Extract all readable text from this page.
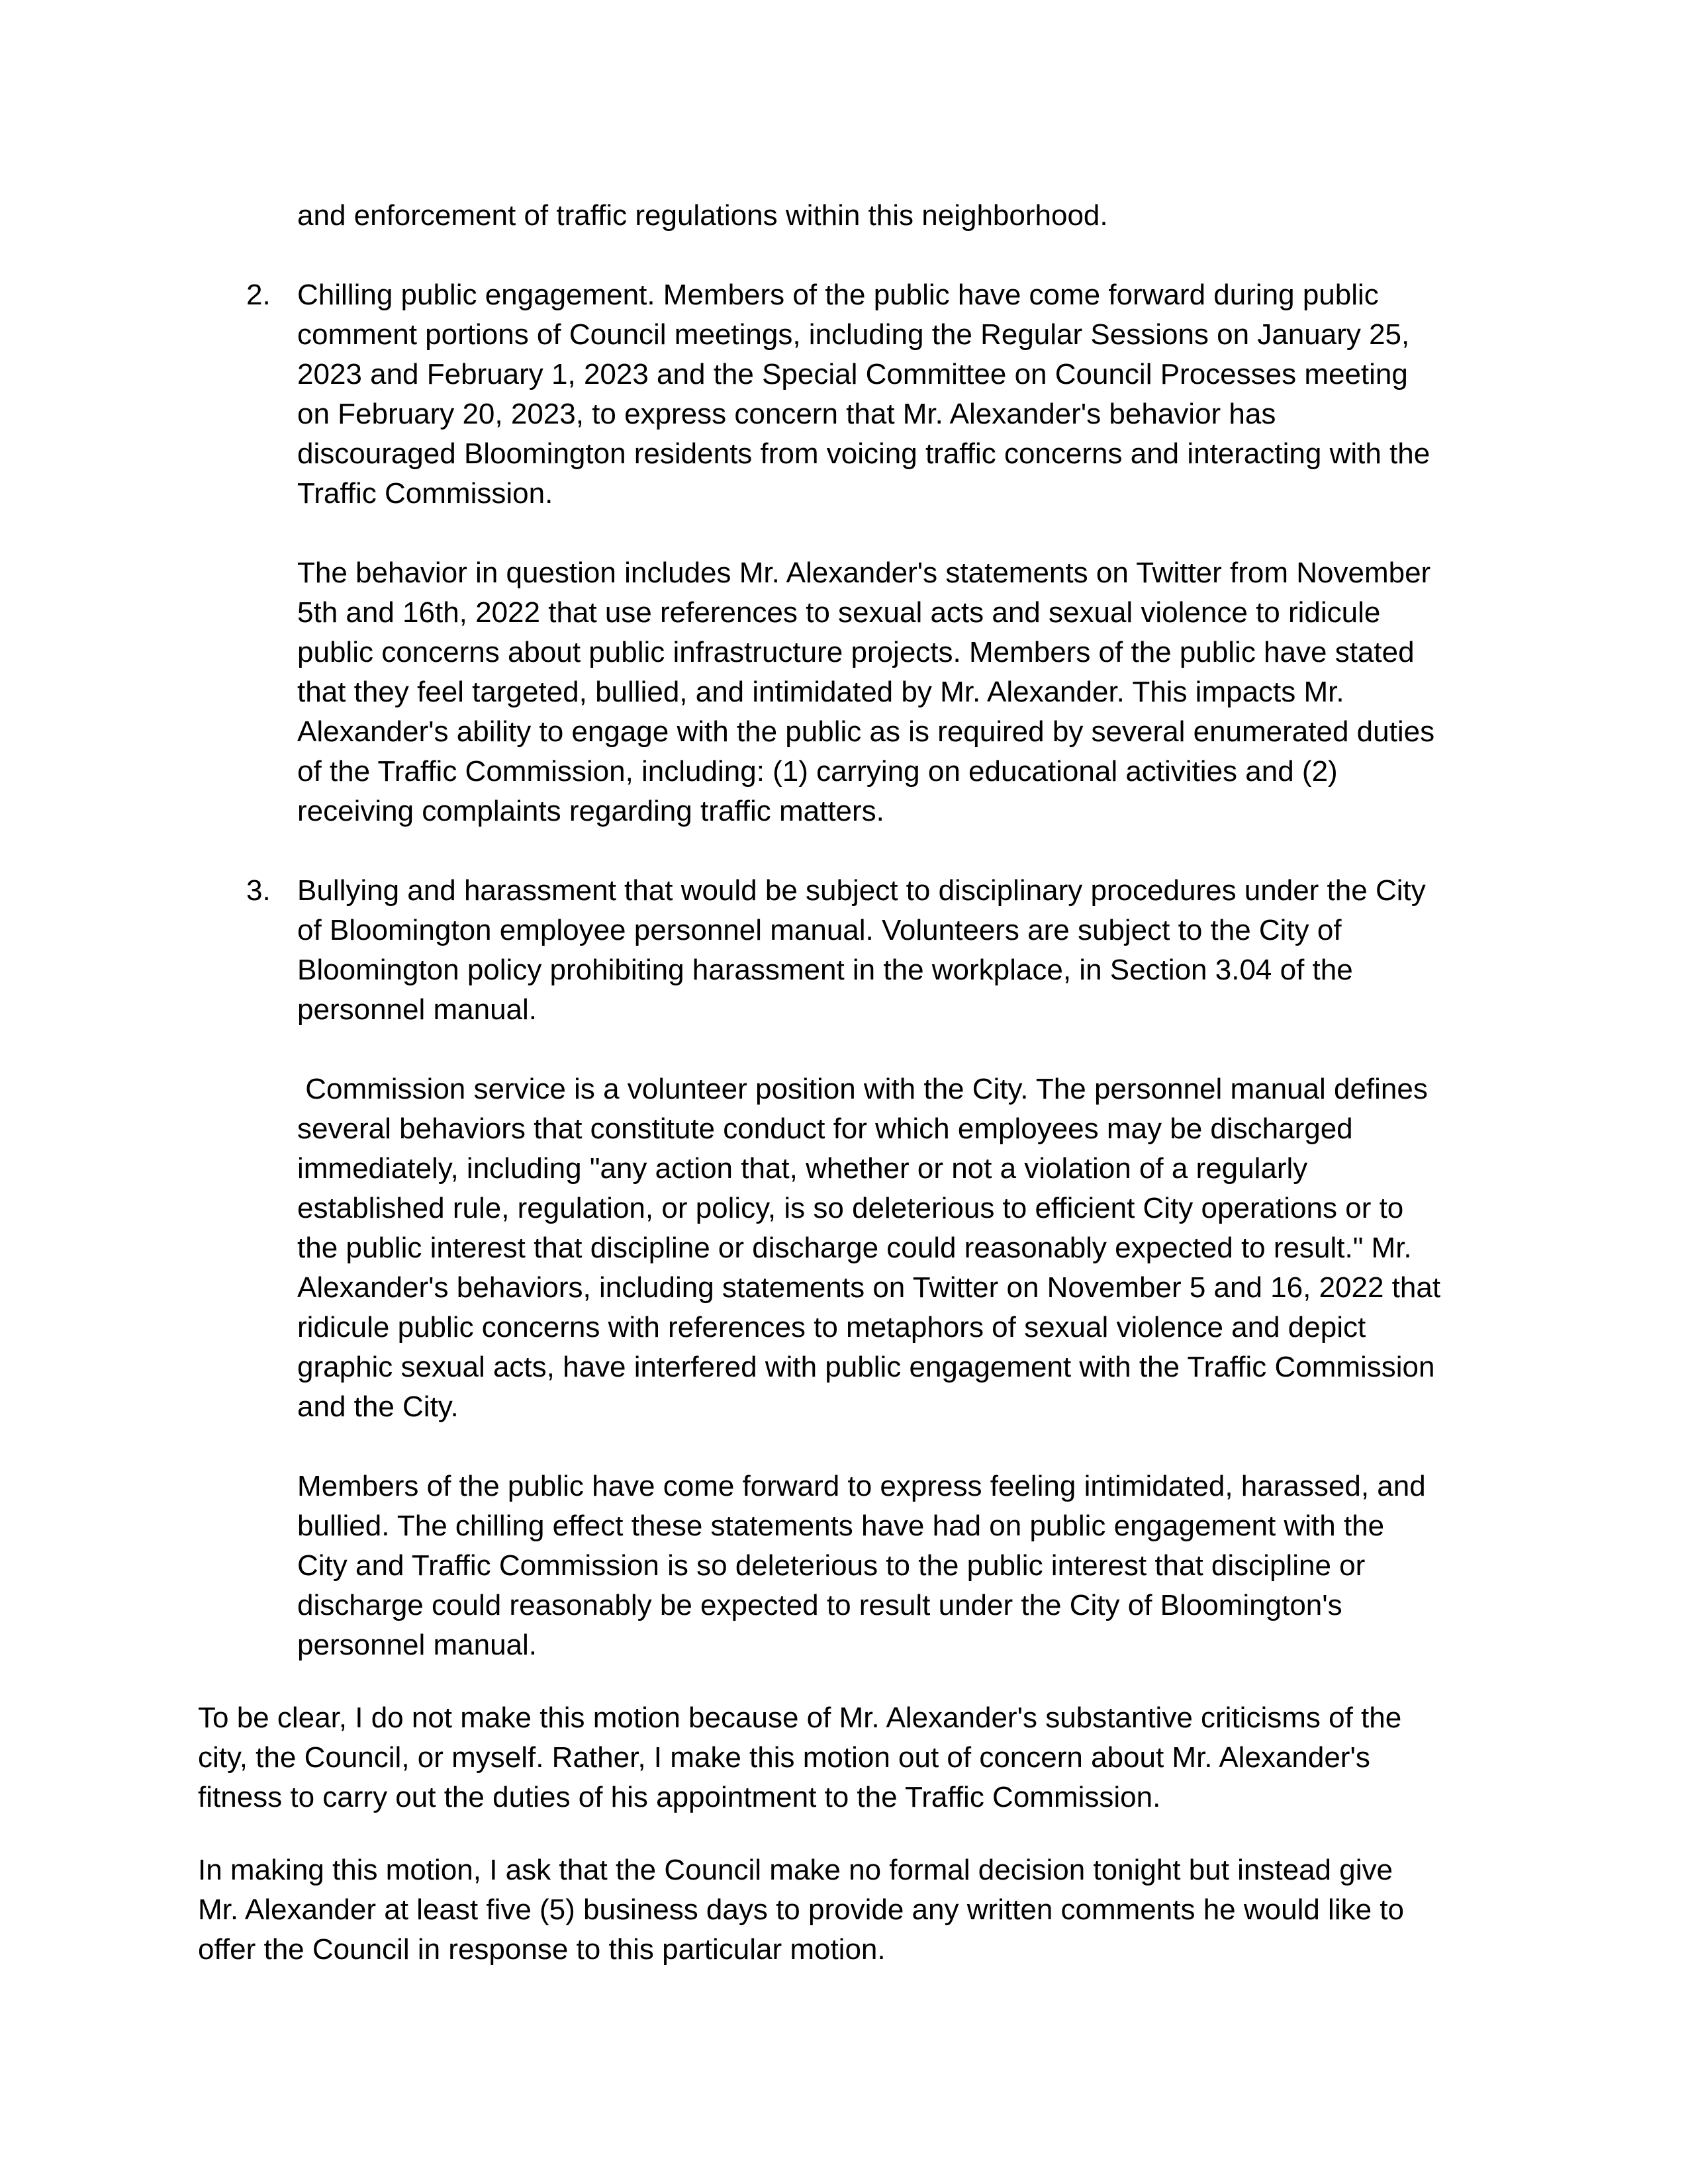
and enforcement of traffic regulations within this neighborhood.

2. Chilling public engagement. Members of the public have come forward during public

comment portions of Council meetings, including the Regular Sessions on January 25,

2023 and February 1, 2023 and the Special Committee on Council Processes meeting

on February 20, 2023, to express concern that Mr. Alexander's behavior has

discouraged Bloomington residents from voicing traffic concerns and interacting with the

Traffic Commission.

The behavior in question includes Mr. Alexander's statements on Twitter from November

5th and 16th, 2022 that use references to sexual acts and sexual violence to ridicule

public concerns about public infrastructure projects. Members of the public have stated

that they feel targeted, bullied, and intimidated by Mr. Alexander. This impacts Mr.

Alexander's ability to engage with the public as is required by several enumerated duties

of the Traffic Commission, including: (1) carrying on educational activities and (2)

receiving complaints regarding traffic matters.

3. Bullying and harassment that would be subject to disciplinary procedures under the City

of Bloomington employee personnel manual. Volunteers are subject to the City of

Bloomington policy prohibiting harassment in the workplace, in Section 3.04 of the

personnel manual.

Commission service is a volunteer position with the City. The personnel manual defines

several behaviors that constitute conduct for which employees may be discharged

immediately, including "any action that, whether or not a violation of a regularly

established rule, regulation, or policy, is so deleterious to efficient City operations or to

the public interest that discipline or discharge could reasonably expected to result." Mr.

Alexander's behaviors, including statements on Twitter on November 5 and 16, 2022 that

ridicule public concerns with references to metaphors of sexual violence and depict

graphic sexual acts, have interfered with public engagement with the Traffic Commission

and the City.

Members of the public have come forward to express feeling intimidated, harassed, and

bullied. The chilling effect these statements have had on public engagement with the

City and Traffic Commission is so deleterious to the public interest that discipline or

discharge could reasonably be expected to result under the City of Bloomington's

personnel manual.

To be clear, I do not make this motion because of Mr. Alexander's substantive criticisms of the

city, the Council, or myself. Rather, I make this motion out of concern about Mr. Alexander's

fitness to carry out the duties of his appointment to the Traffic Commission.

In making this motion, I ask that the Council make no formal decision tonight but instead give

Mr. Alexander at least five (5) business days to provide any written comments he would like to

offer the Council in response to this particular motion.
